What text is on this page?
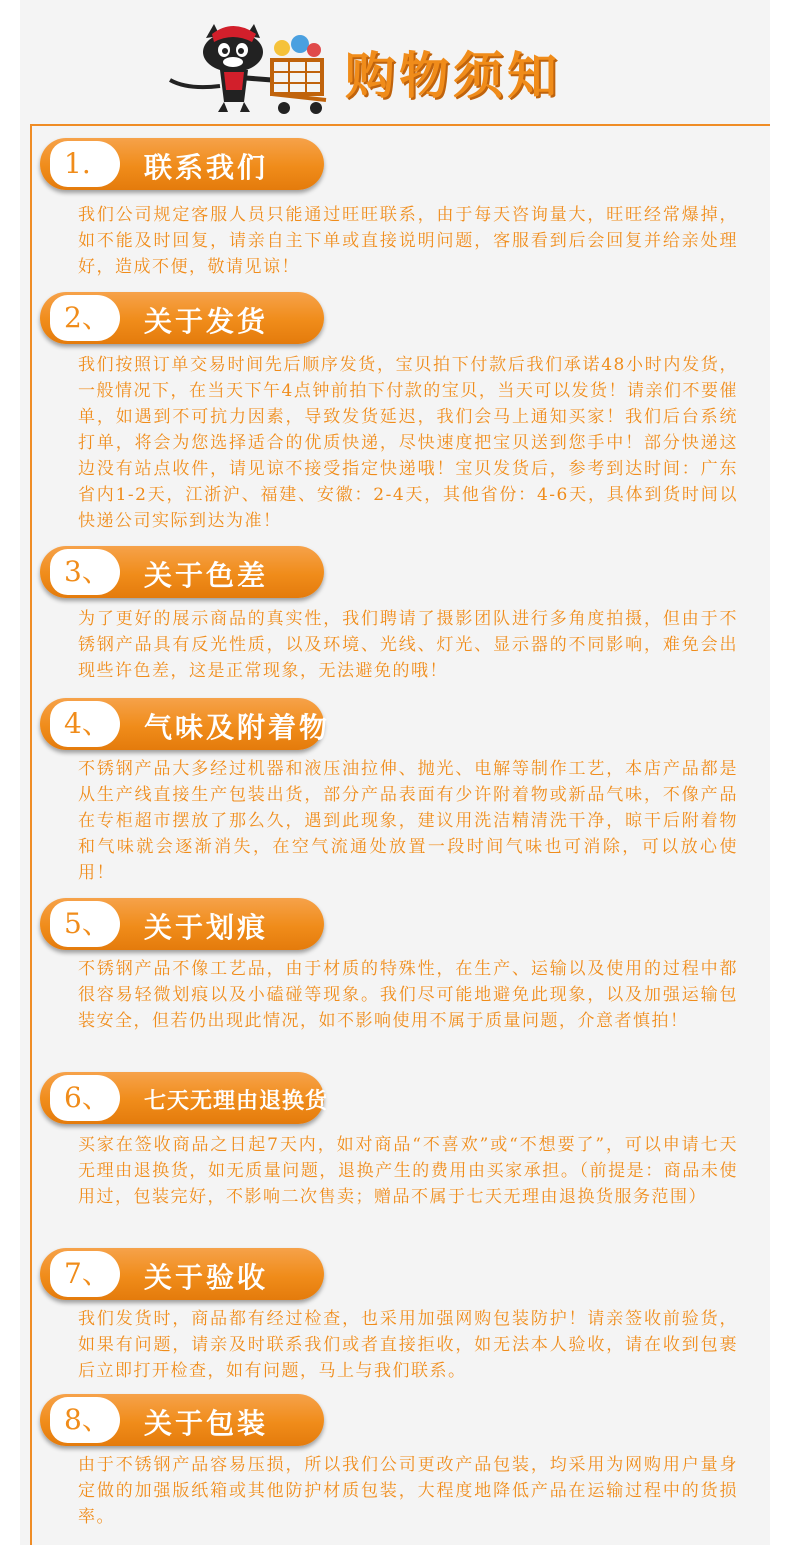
购物须知
1.	联系我们
我们公司规定客服人员只能通过旺旺联系，由于每天咨询量大，旺旺经常爆掉，如不能及时回复，请亲自主下单或直接说明问题，客服看到后会回复并给亲处理好，造成不便，敬请见谅！
2、	关于发货
我们按照订单交易时间先后顺序发货，宝贝拍下付款后我们承诺48小时内发货，一般情况下，在当天下午4点钟前拍下付款的宝贝，当天可以发货！请亲们不要催单，如遇到不可抗力因素，导致发货延迟，我们会马上通知买家！我们后台系统打单，将会为您选择适合的优质快递，尽快速度把宝贝送到您手中！部分快递这边没有站点收件，请见谅不接受指定快递哦！宝贝发货后，参考到达时间：广东省内1-2天，江浙沪、福建、安徽：2-4天，其他省份：4-6天，具体到货时间以快递公司实际到达为准！
3、	关于色差
为了更好的展示商品的真实性，我们聘请了摄影团队进行多角度拍摄，但由于不锈钢产品具有反光性质，以及环境、光线、灯光、显示器的不同影响，难免会出现些许色差，这是正常现象，无法避免的哦！
4、	气味及附着物
不锈钢产品大多经过机器和液压油拉伸、抛光、电解等制作工艺，本店产品都是从生产线直接生产包装出货，部分产品表面有少许附着物或新品气味，不像产品在专柜超市摆放了那么久，遇到此现象，建议用洗洁精清洗干净，晾干后附着物和气味就会逐渐消失，在空气流通处放置一段时间气味也可消除，可以放心使用！
5、	关于划痕
不锈钢产品不像工艺品，由于材质的特殊性，在生产、运输以及使用的过程中都很容易轻微划痕以及小磕碰等现象。我们尽可能地避免此现象，以及加强运输包装安全，但若仍出现此情况，如不影响使用不属于质量问题，介意者慎拍！
6、	七天无理由退换货
买家在签收商品之日起7天内，如对商品“不喜欢”或“不想要了”，可以申请七天无理由退换货，如无质量问题，退换产生的费用由买家承担。（前提是：商品未使用过，包装完好，不影响二次售卖；赠品不属于七天无理由退换货服务范围）
7、	关于验收
我们发货时，商品都有经过检查，也采用加强网购包装防护！请亲签收前验货，如果有问题，请亲及时联系我们或者直接拒收，如无法本人验收，请在收到包裹后立即打开检查，如有问题，马上与我们联系。
8、	关于包装
由于不锈钢产品容易压损，所以我们公司更改产品包装，均采用为网购用户量身定做的加强版纸箱或其他防护材质包装，大程度地降低产品在运输过程中的货损率。
